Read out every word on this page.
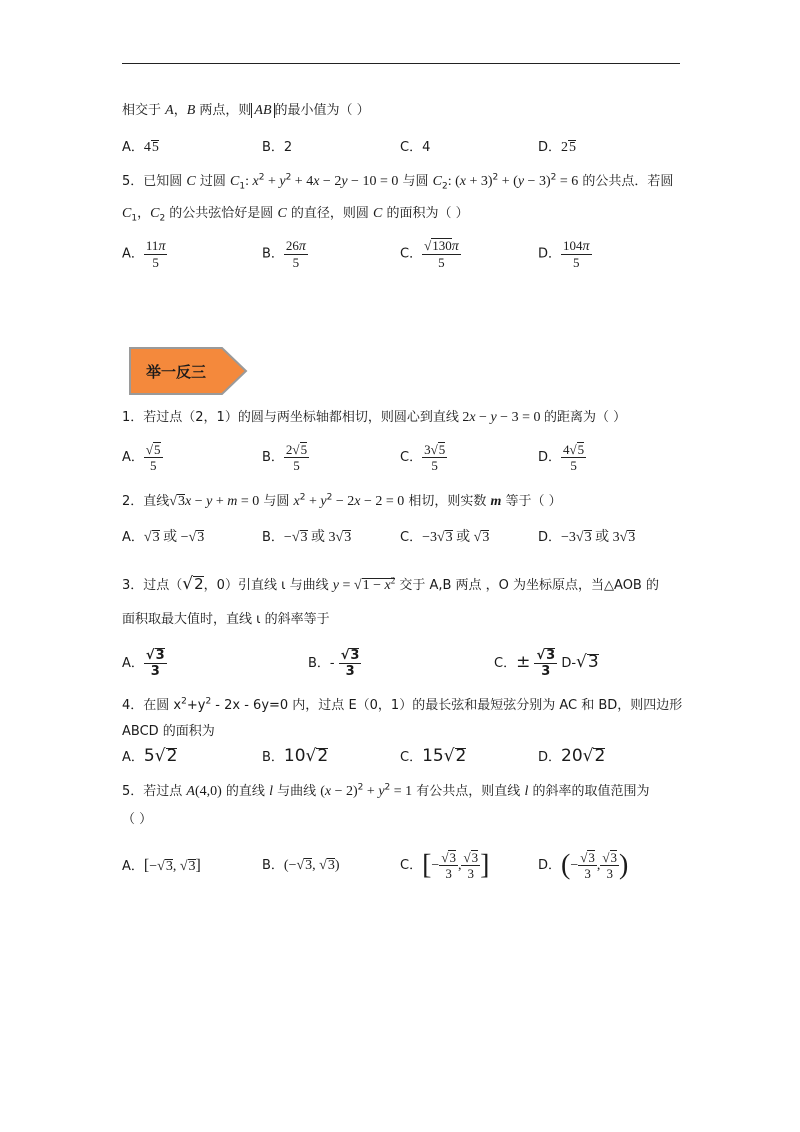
相交于 A，B 两点，则 AB 的最小值为（ ）
A．45	B．2	C．4	D．25
5．已知圆 C 过圆 $C_1$: $x^2 + y^2 + 4x - 2y - 10 = 0$ 与圆 $C_2$: $(x + 3)^2 + (y - 3)^2 = 6$ 的公共点．若圆
$C_1$，$C_2$ 的公共弦恰好是圆 C 的直径，则圆 C 的面积为（ ）
A． $\frac{11\pi}{5}$	B． $\frac{26\pi}{5}$	C． $\frac{√130\pi}{5}$	D． $\frac{104\pi}{5}$
举一反三
1．若过点（2，1）的圆与两坐标轴都相切，则圆心到直线 2x − y − 3 = 0 的距离为（ ）
A． $\frac{√5}{5}$	B． $\frac{2√5}{5}$	C． $\frac{3√5}{5}$	D． $\frac{4√5}{5}$
2．直线√3x − y + m = 0 与圆 $x^2 + y^2 - 2x - 2 = 0$ 相切，则实数 m 等于（ ）
A．√3 或 −√3	B．−√3 或 3√3	C．−3√3 或 √3	D．−3√3 或 3√3
3．过点（√2，0）引直线 ι 与曲线 $y = √1 - x^2$ 交于 A,B 两点 ，O 为坐标原点，当△AOB 的
面积取最大值时，直线 ι 的斜率等于
A． $\frac{√3}{3}$	B．- $\frac{√3}{3}$	C．± $\frac{√3}{3} D-√3$
4．在圆 $x^2+y^2 - 2x - 6y=0$ 内，过点 E（0，1）的最长弦和最短弦分别为 AC 和 BD，则四边形
ABCD 的面积为
A．5√2	B．10√2	C．15√2	D．20√2
5．若过点 A(4,0) 的直线 l 与曲线 $(x - 2)^2 + y^2 = 1$ 有公共点，则直线 l 的斜率的取值范围为
（ ）
A．[−√3, √3]	B．(−√3, √3)	C．[− $\frac{√3}{3}$ , $\frac{√3}{3}$ ]	D．(− $\frac{√3}{3}$ , $\frac{√3}{3}$ )
